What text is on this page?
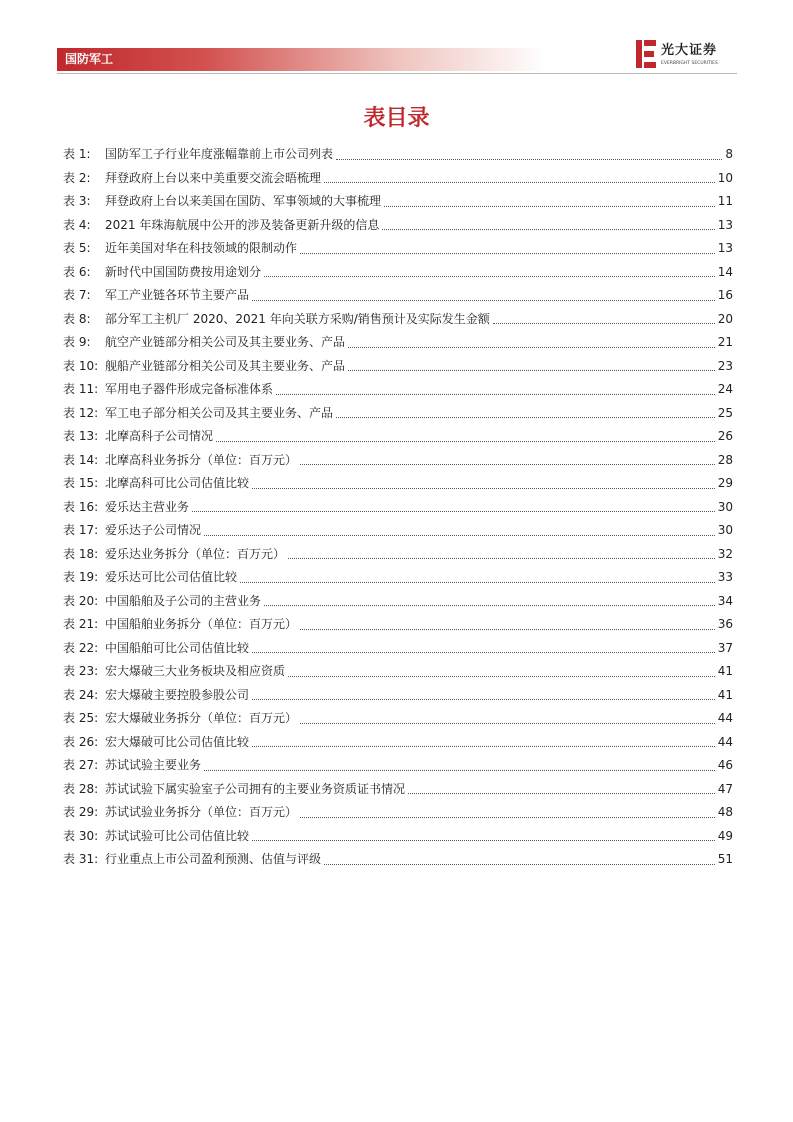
国防军工
光大证券
EVERBRIGHT SECURITIES
表目录
表 1: 国防军工子行业年度涨幅靠前上市公司列表	8
表 2: 拜登政府上台以来中美重要交流会晤梳理	10
表 3: 拜登政府上台以来美国在国防、军事领域的大事梳理	11
表 4: 2021 年珠海航展中公开的涉及装备更新升级的信息	13
表 5: 近年美国对华在科技领域的限制动作	13
表 6: 新时代中国国防费按用途划分	14
表 7: 军工产业链各环节主要产品	16
表 8: 部分军工主机厂 2020、2021 年向关联方采购/销售预计及实际发生金额	20
表 9: 航空产业链部分相关公司及其主要业务、产品	21
表 10: 舰船产业链部分相关公司及其主要业务、产品	23
表 11: 军用电子器件形成完备标准体系	24
表 12: 军工电子部分相关公司及其主要业务、产品	25
表 13: 北摩高科子公司情况	26
表 14: 北摩高科业务拆分（单位：百万元）	28
表 15: 北摩高科可比公司估值比较	29
表 16: 爱乐达主营业务	30
表 17: 爱乐达子公司情况	30
表 18: 爱乐达业务拆分（单位：百万元）	32
表 19: 爱乐达可比公司估值比较	33
表 20: 中国船舶及子公司的主营业务	34
表 21: 中国船舶业务拆分（单位：百万元）	36
表 22: 中国船舶可比公司估值比较	37
表 23: 宏大爆破三大业务板块及相应资质	41
表 24: 宏大爆破主要控股参股公司	41
表 25: 宏大爆破业务拆分（单位：百万元）	44
表 26: 宏大爆破可比公司估值比较	44
表 27: 苏试试验主要业务	46
表 28: 苏试试验下属实验室子公司拥有的主要业务资质证书情况	47
表 29: 苏试试验业务拆分（单位：百万元）	48
表 30: 苏试试验可比公司估值比较	49
表 31: 行业重点上市公司盈利预测、估值与评级	51
